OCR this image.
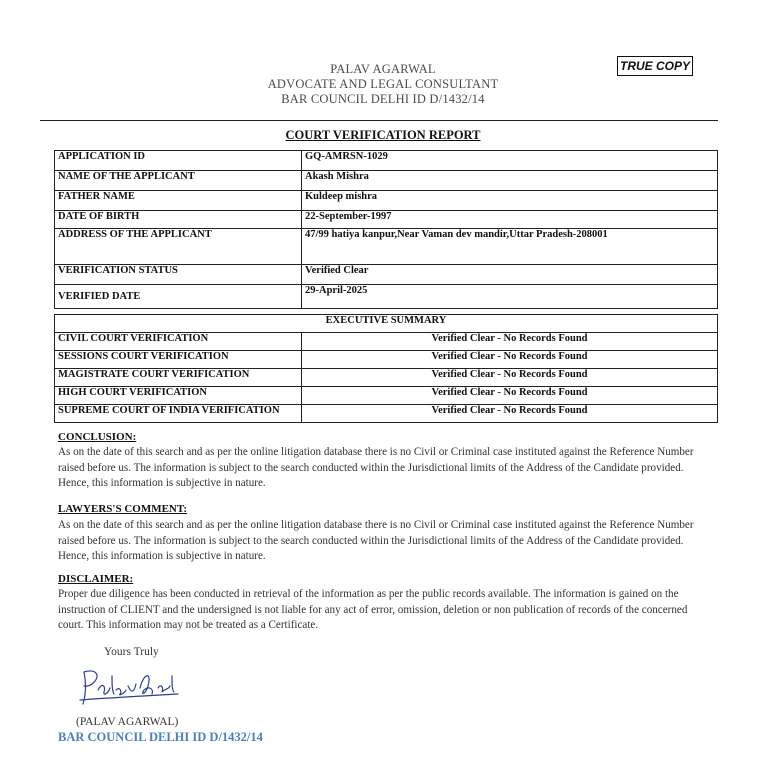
PALAV AGARWAL
ADVOCATE AND LEGAL CONSULTANT
BAR COUNCIL DELHI ID D/1432/14
TRUE COPY
COURT VERIFICATION REPORT
APPLICATION ID	GQ-AMRSN-1029
NAME OF THE APPLICANT	Akash Mishra
FATHER NAME	Kuldeep mishra
DATE OF BIRTH	22-September-1997
ADDRESS OF THE APPLICANT	47/99 hatiya kanpur,Near Vaman dev mandir,Uttar Pradesh-208001
VERIFICATION STATUS	Verified Clear
VERIFIED DATE	29-April-2025
EXECUTIVE SUMMARY	
CIVIL COURT VERIFICATION	Verified Clear - No Records Found
SESSIONS COURT VERIFICATION	Verified Clear - No Records Found
MAGISTRATE COURT VERIFICATION	Verified Clear - No Records Found
HIGH COURT VERIFICATION	Verified Clear - No Records Found
SUPREME COURT OF INDIA VERIFICATION	Verified Clear - No Records Found
CONCLUSION:
As on the date of this search and as per the online litigation database there is no Civil or Criminal case instituted against the Reference Number raised before us. The information is subject to the search conducted within the Jurisdictional limits of the Address of the Candidate provided. Hence, this information is subjective in nature.
LAWYERS'S COMMENT:
As on the date of this search and as per the online litigation database there is no Civil or Criminal case instituted against the Reference Number raised before us. The information is subject to the search conducted within the Jurisdictional limits of the Address of the Candidate provided. Hence, this information is subjective in nature.
DISCLAIMER:
Proper due diligence has been conducted in retrieval of the information as per the public records available. The information is gained on the instruction of CLIENT and the undersigned is not liable for any act of error, omission, deletion or non publication of records of the concerned court. This information may not be treated as a Certificate.
Yours Truly
(PALAV AGARWAL)
BAR COUNCIL DELHI ID D/1432/14
